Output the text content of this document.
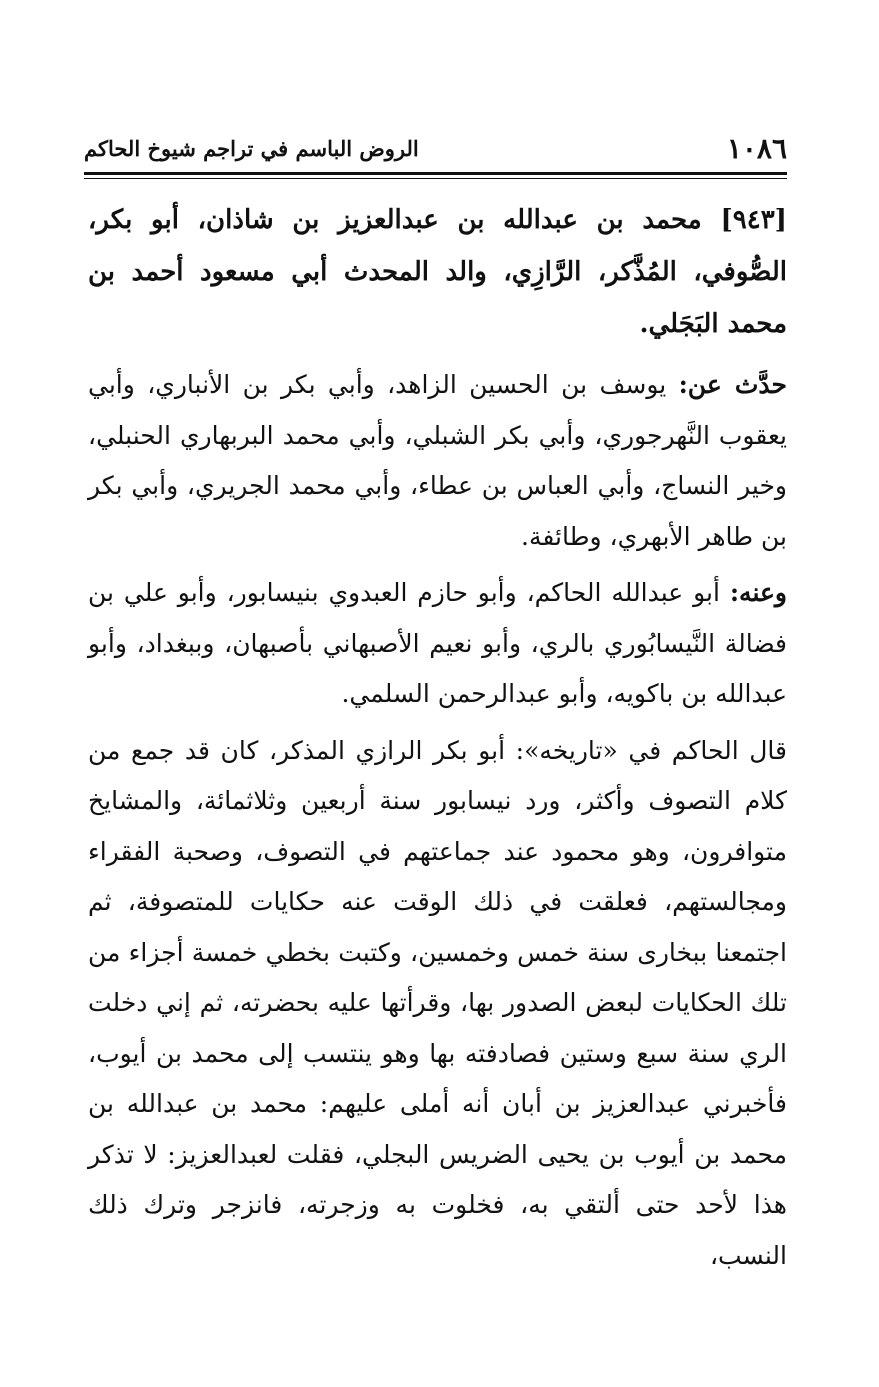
١٠٨٦
الروض الباسم في تراجم شيوخ الحاكم

[٩٤٣] محمد بن عبدالله بن عبدالعزيز بن شاذان، أبو بكر، الصُّوفي، المُذَّكر، الرَّازِي، والد المحدث أبي مسعود أحمد بن محمد البَجَلي.

حدَّث عن: يوسف بن الحسين الزاهد، وأبي بكر بن الأنباري، وأبي يعقوب النَّهرجوري، وأبي بكر الشبلي، وأبي محمد البربهاري الحنبلي، وخير النساج، وأبي العباس بن عطاء، وأبي محمد الجريري، وأبي بكر بن طاهر الأبهري، وطائفة.

وعنه: أبو عبدالله الحاكم، وأبو حازم العبدوي بنيسابور، وأبو علي بن فضالة النَّيسابُوري بالري، وأبو نعيم الأصبهاني بأصبهان، وببغداد، وأبو عبدالله بن باكويه، وأبو عبدالرحمن السلمي.

قال الحاكم في «تاريخه»: أبو بكر الرازي المذكر، كان قد جمع من كلام التصوف وأكثر، ورد نيسابور سنة أربعين وثلاثمائة، والمشايخ متوافرون، وهو محمود عند جماعتهم في التصوف، وصحبة الفقراء ومجالستهم، فعلقت في ذلك الوقت عنه حكايات للمتصوفة، ثم اجتمعنا ببخارى سنة خمس وخمسين، وكتبت بخطي خمسة أجزاء من تلك الحكايات لبعض الصدور بها، وقرأتها عليه بحضرته، ثم إني دخلت الري سنة سبع وستين فصادفته بها وهو ينتسب إلى محمد بن أيوب، فأخبرني عبدالعزيز بن أبان أنه أملى عليهم: محمد بن عبدالله بن محمد بن أيوب بن يحيى الضريس البجلي، فقلت لعبدالعزيز: لا تذكر هذا لأحد حتى ألتقي به، فخلوت به وزجرته، فانزجر وترك ذلك النسب،
